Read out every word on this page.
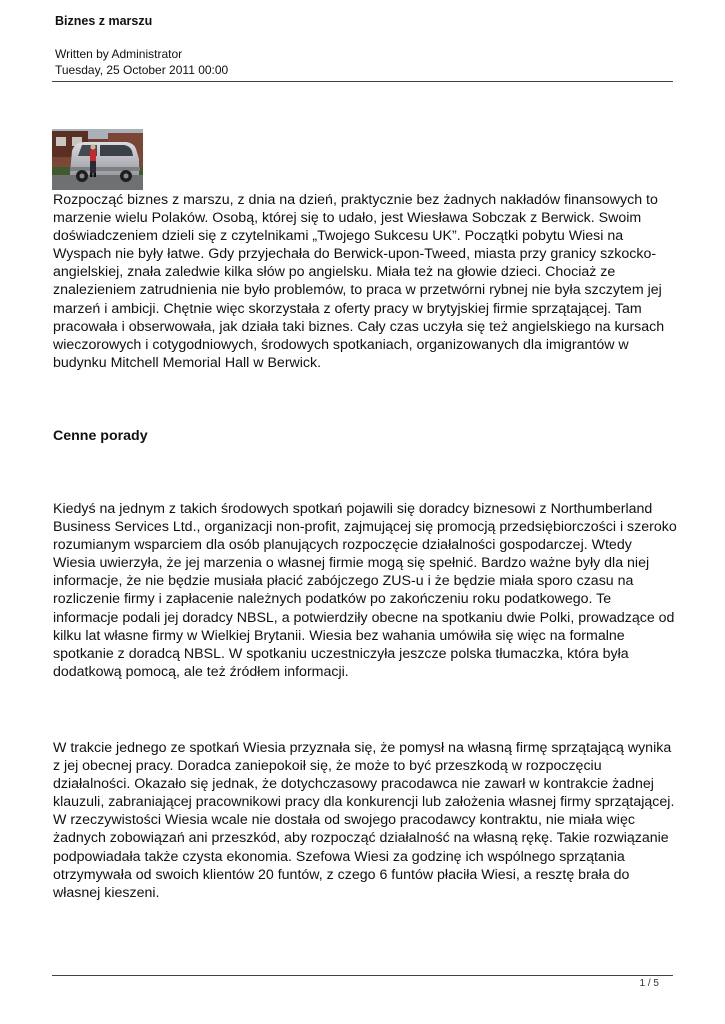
Biznes z marszu
Written by Administrator
Tuesday, 25 October 2011 00:00

Rozpocząć biznes z marszu, z dnia na dzień, praktycznie bez żadnych nakładów finansowych to marzenie wielu Polaków. Osobą, której się to udało, jest Wiesława Sobczak z Berwick. Swoim doświadczeniem dzieli się z czytelnikami „Twojego Sukcesu UK”. Początki pobytu Wiesi na Wyspach nie były łatwe. Gdy przyjechała do Berwick-upon-Tweed, miasta przy granicy szkocko-angielskiej, znała zaledwie kilka słów po angielsku. Miała też na głowie dzieci. Chociaż ze znalezieniem zatrudnienia nie było problemów, to praca w przetwórni rybnej nie była szczytem jej marzeń i ambicji. Chętnie więc skorzystała z oferty pracy w brytyjskiej firmie sprzątającej. Tam pracowała i obserwowała, jak działa taki biznes. Cały czas uczyła się też angielskiego na kursach wieczorowych i cotygodniowych, środowych spotkaniach, organizowanych dla imigrantów w budynku Mitchell Memorial Hall w Berwick.

Cenne porady

Kiedyś na jednym z takich środowych spotkań pojawili się doradcy biznesowi z Northumberland Business Services Ltd., organizacji non-profit, zajmującej się promocją przedsiębiorczości i szeroko rozumianym wsparciem dla osób planujących rozpoczęcie działalności gospodarczej. Wtedy Wiesia uwierzyła, że jej marzenia o własnej firmie mogą się spełnić. Bardzo ważne były dla niej informacje, że nie będzie musiała płacić zabójczego ZUS-u i że będzie miała sporo czasu na rozliczenie firmy i zapłacenie należnych podatków po zakończeniu roku podatkowego. Te informacje podali jej doradcy NBSL, a potwierdziły obecne na spotkaniu dwie Polki, prowadzące od kilku lat własne firmy w Wielkiej Brytanii. Wiesia bez wahania umówiła się więc na formalne spotkanie z doradcą NBSL. W spotkaniu uczestniczyła jeszcze polska tłumaczka, która była dodatkową pomocą, ale też źródłem informacji.

W trakcie jednego ze spotkań Wiesia przyznała się, że pomysł na własną firmę sprzątającą wynika z jej obecnej pracy. Doradca zaniepokoił się, że może to być przeszkodą w rozpoczęciu działalności. Okazało się jednak, że dotychczasowy pracodawca nie zawarł w kontrakcie żadnej klauzuli, zabraniającej pracownikowi pracy dla konkurencji lub założenia własnej firmy sprzątającej. W rzeczywistości Wiesia wcale nie dostała od swojego pracodawcy kontraktu, nie miała więc żadnych zobowiązań ani przeszkód, aby rozpocząć działalność na własną rękę. Takie rozwiązanie podpowiadała także czysta ekonomia. Szefowa Wiesi za godzinę ich wspólnego sprzątania otrzymywała od swoich klientów 20 funtów, z czego 6 funtów płaciła Wiesi, a resztę brała do własnej kieszeni.

1 / 5
